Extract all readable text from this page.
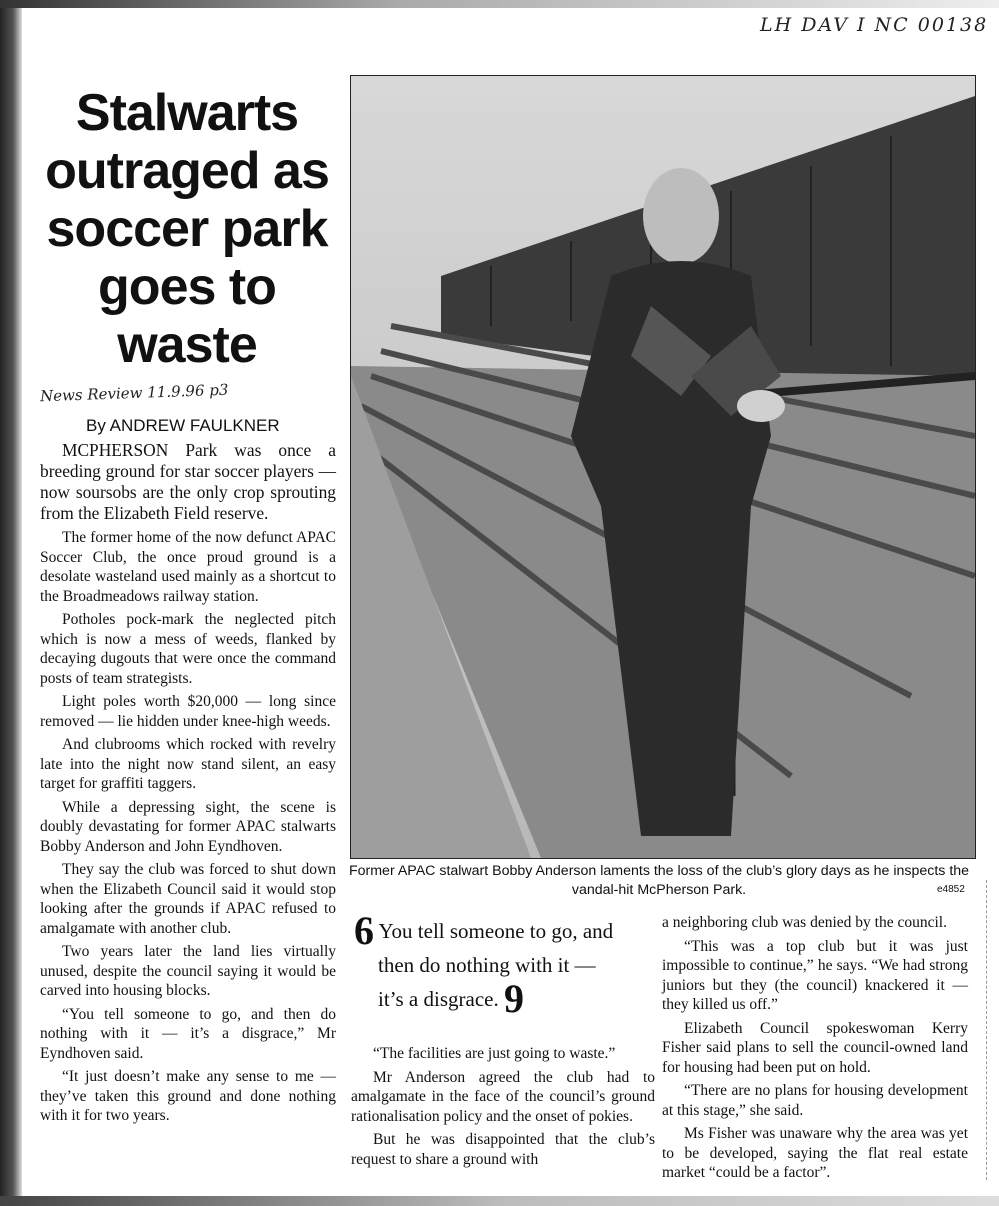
LH DAV I NC 00138
News Review 11.9.96 p3
Stalwarts outraged as soccer park goes to waste

By ANDREW FAULKNER

MCPHERSON Park was once a breeding ground for star soccer players — now soursobs are the only crop sprouting from the Elizabeth Field reserve.

The former home of the now defunct APAC Soccer Club, the once proud ground is a desolate wasteland used mainly as a shortcut to the Broadmeadows railway station.

Potholes pock-mark the neglected pitch which is now a mess of weeds, flanked by decaying dugouts that were once the command posts of team strategists.

Light poles worth $20,000 — long since removed — lie hidden under knee-high weeds.

And clubrooms which rocked with revelry late into the night now stand silent, an easy target for graffiti taggers.

While a depressing sight, the scene is doubly devastating for former APAC stalwarts Bobby Anderson and John Eyndhoven.

They say the club was forced to shut down when the Elizabeth Council said it would stop looking after the grounds if APAC refused to amalgamate with another club.

Two years later the land lies virtually unused, despite the council saying it would be carved into housing blocks.

“You tell someone to go, and then do nothing with it — it’s a disgrace,” Mr Eyndhoven said.

“It just doesn’t make any sense to me — they’ve taken this ground and done nothing with it for two years.

Former APAC stalwart Bobby Anderson laments the loss of the club’s glory days as he inspects the vandal-hit McPherson Park.	e4852
6 You tell someone to go, and
then do nothing with it —
it’s a disgrace. 9

“The facilities are just going to waste.”

Mr Anderson agreed the club had to amalgamate in the face of the council’s ground rationalisation policy and the onset of pokies.

But he was disappointed that the club’s request to share a ground with

a neighboring club was denied by the council.

“This was a top club but it was just impossible to continue,” he says. “We had strong juniors but they (the council) knackered it — they killed us off.”

Elizabeth Council spokeswoman Kerry Fisher said plans to sell the council-owned land for housing had been put on hold.

“There are no plans for housing development at this stage,” she said.

Ms Fisher was unaware why the area was yet to be developed, saying the flat real estate market “could be a factor”.
